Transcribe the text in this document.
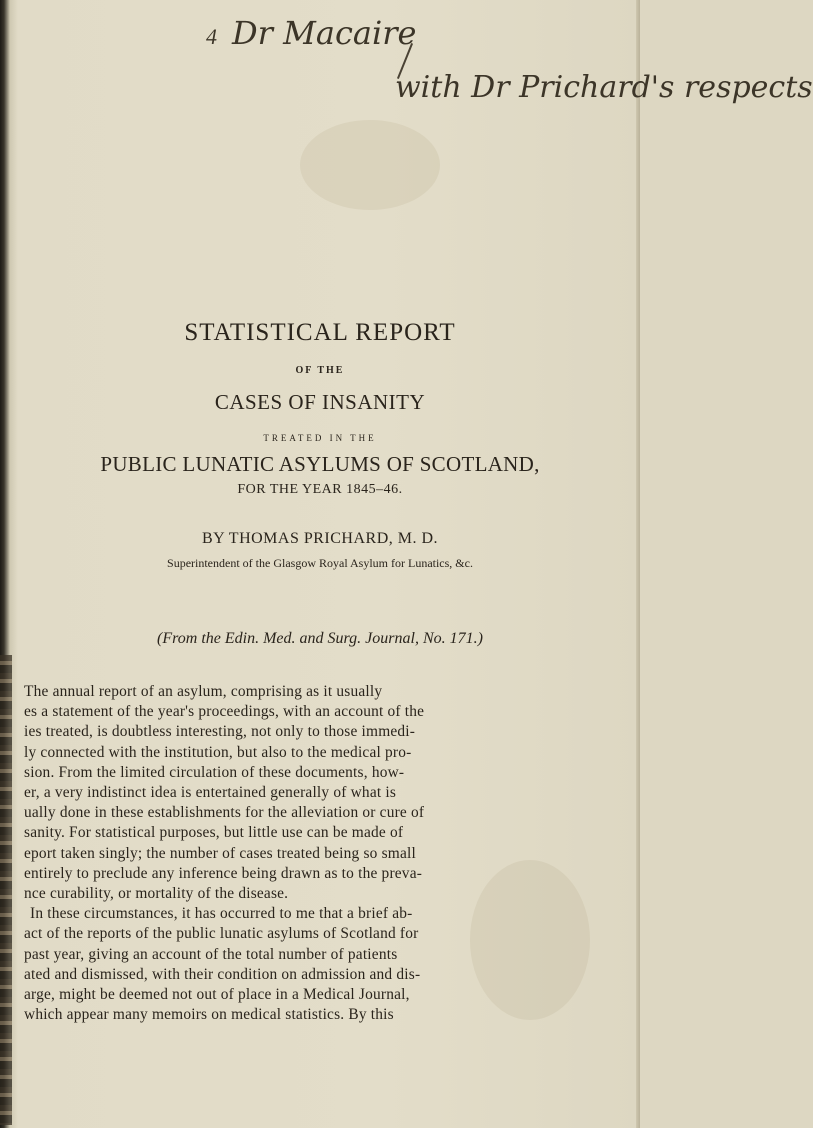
4 Dr Macaire
with Dr Prichard's respects
STATISTICAL REPORT
OF THE
CASES OF INSANITY
TREATED IN THE
PUBLIC LUNATIC ASYLUMS OF SCOTLAND,
FOR THE YEAR 1845–46.
BY THOMAS PRICHARD, M. D.
Superintendent of the Glasgow Royal Asylum for Lunatics, &c.
(From the Edin. Med. and Surg. Journal, No. 171.)
The annual report of an asylum, comprising as it usually
es a statement of the year's proceedings, with an account of the
ies treated, is doubtless interesting, not only to those immedi-
ly connected with the institution, but also to the medical pro-
sion. From the limited circulation of these documents, how-
er, a very indistinct idea is entertained generally of what is
ually done in these establishments for the alleviation or cure of
sanity. For statistical purposes, but little use can be made of
eport taken singly; the number of cases treated being so small
entirely to preclude any inference being drawn as to the preva-
nce curability, or mortality of the disease.
In these circumstances, it has occurred to me that a brief ab-
act of the reports of the public lunatic asylums of Scotland for
past year, giving an account of the total number of patients
ated and dismissed, with their condition on admission and dis-
arge, might be deemed not out of place in a Medical Journal,
which appear many memoirs on medical statistics. By this
